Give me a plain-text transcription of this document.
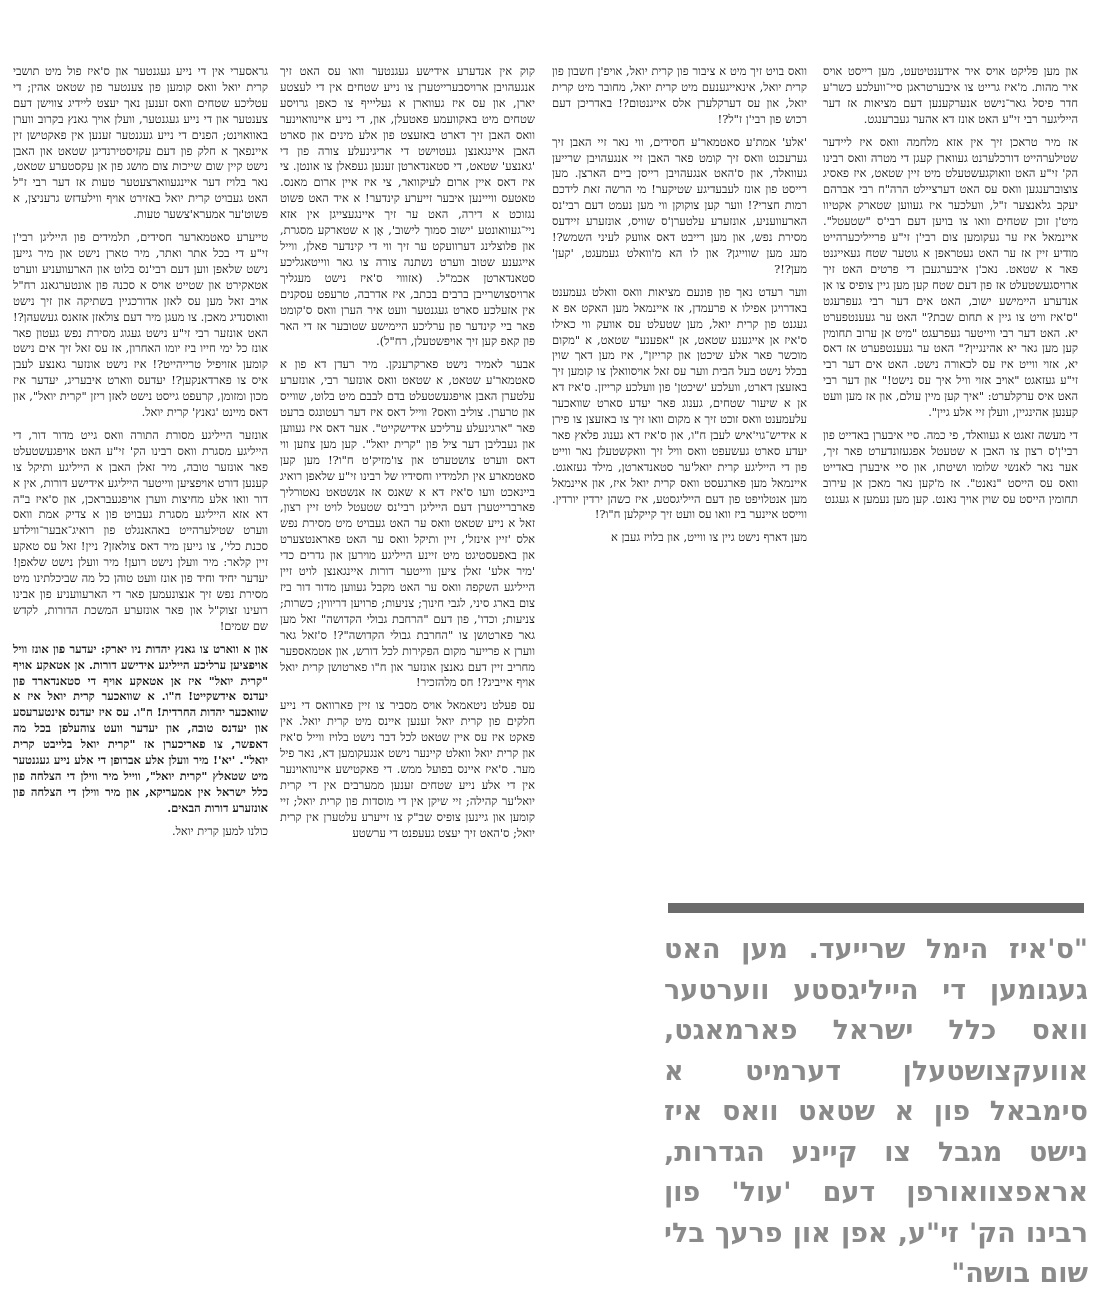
און מען פליקט אויס איר אידענטיטעט, מען רייסט אויס איר מהות. מ'איז גרייט צו איבערטראגן סיי־וועלכע כשר'ע חדר פיסל גאר־נישט אנערקענען דעם מציאות אז דער הייליגער רבי זי"ע האט אונז דא אהער געברענגט.

אז מיר טראכן זיך אין אזא מלחמה וואס איז ליידער שטילערהייט דורכלערנט געווארן קעגן די מטרה וואס רבינו הק' זי"ע האט וואוקגעשטעלט מיט זיין שטאט, איז פאסיג צוצוברענגען וואס עס האט דערציילט הרה"ח רבי אברהם יעקב גלאנצער ז"ל, וועלכער איז געווען שטארק אקטיוו מיט'ן זוכן שטחים וואו צו בויען דעם רבי'ס "שטעטל". איינמאל איז ער געקומען צום רבי'ן זי"ע פרייליכערהייט מודיע זיין אז ער האט געטראפן א גוטער שטח געאייגנט פאר א שטאט. נאכ'ן איבערגעבן די פרטים האט זיך ארויסגעשטעלט אז פון דעם שטח קען מען גיין צופיס צו אן אנדערע היימישע ישוב, האט אים דער רבי געפרעגט "ס'איז וויט צו גיין א תחום שבת?" האט ער געענטפערט יא. האט דער רבי ווייטער געפרעגט "מיט אן ערוב תחומין קען מען גאר יא אהינגיין?" האט ער געענטפערט אז דאס יא, אזוי ווייט איז עס לכאורה נישט. האט אים דער רבי זי"ע געזאגט "אויב אזוי וויל איך עס נישט!" און דער רבי האט איס ערקלערט: "איך קען מיין עולם, און אז מען וועט קענען אהינגיין, וועלן זיי אלע גיין".

די מעשה זאגט א געוואלד, פי כמה. סיי איבערן באדייט פון רבי'ן'ס רצון צו האבן א שטעטל אפגעזונדערט פאר זיך, אער נאר לאנשי שלומו ושיטתו, און סיי איבערן באדייט וואס עס הייסט "נאנט". אז מ'קען נאר מאכן אן עירוב תחומין הייסט עס שוין אויך נאנט. קען מען נעמען א געגנט

וואס בויט זיך מיט א ציבור פון קרית יואל, אויפ'ן חשבון פון קרית יואל, אינאייגענעם מיט קרית יואל, מחובר מיט קרית יואל, און עס דערקלערן אלס אייגנטום?! באדריכן דעם רכוש פון רבי'ן ז"ל?!

'אלע' אמת'ע סאטמאר'ע חסידים, ווי נאר זיי האבן זיך גערעכנט וואס זיך קומט פאר האבן זיי אנגעהויבן שרייען געוואלד, און ס'האט אנגעהויבן רייסן ביים הארצן. מען רייסט פון אונז לעבעדיגע שטיקער! מי הרשה זאת לידכם רמות חצרי?! ווער קען צוקוקן ווי מען נעמט דעם רבי'נס הארעוועניע, אונזערע עלטערן'ס שוויס, אונזערע זיידעס מסירת נפש, און מען רייבט דאס אוועק לעיני השמש?! מעג מען שווייגן? און לו הא מ'וואלט געמעגט, 'קען' מען?!?

ווער רעדט נאך פון פונעם מציאות וואס וואלט געמענט באדרויגן אפילו א פרעמדן, אז איינמאל מען האקט אפ א געגנט פון קרית יואל, מען שטעלט עס אוועק ווי כאילו ס'איז אן אייגענע שטאט, אן "אפענע" שטאט, א "מקום מוכשר פאר אלע שיכטן און קרייזן", איז מען דאך שוין בכלל נישט בעל הבית ווער עס זאל אויסוואלן צו קומען זיך באזעצן דארט, וועלכע 'שיכטן' פון וועלכע קרייזן. ס'איז דא אן א שיעור שטחים, גענוג פאר יעדע סארט שוואכער עלעמענט וואס זוכט זיך א מקום וואו זיך צו באזעצן צו פירן א אידיש־גוי'איש לעבן ח"ו, און ס'איז דא גענוג פלאץ פאר יעדע סארט געשעפט וואס וויל זיך וואקשטעלן נאר ווייט פון די הייליגע קרית יואל'ער סטאנדארטן, מילד געזאגט. איינמאל מען פארגעסט וואס קרית יואל איז, און איינמאל מען אנטלויפט פון דעם הייליגסטע, איז כשהן ירדין יורדין. ווייסט איינער ביז וואו עס וועט זיך קייקלען ח"ו?!

מען דארף נישט גיין צו ווייט, און בלויז געבן א

קוק אין אנדערע אידישע געגנטער וואו עס האט זיך אנגעהויבן ארויסבערייטערן צו נייע שטחים אין די לעצטע יארן, און עס איז געווארן א געליייף צו כאפן גרויסע שטחים מיט באקוועמע פאטעלן, און, די נייע איינוואוינער וואס האבן זיך דארט באזעצט פון אלע מינים און סארט האבן איינגאנצן געטוישט די אריגינעלע צורה פון די 'גאנצע' שטאט, די סטאנדארטן זענען געפאלן צו אונטן. צי איז דאס איין ארום לעיקוואר, צי איז איין ארום מאנס. טאטעס ווייינען איבער זייערע קינדער! א איד האט פשוט נגזוכט א דירה, האט ער זיך איינגעצייגן אין אזא ניי־געוואונטע 'ישוב סמוך לישוב', אָן א שטארקע מסגרת, און פלוצלינג דערוועקט ער זיך ווי די קינדער פאלן, ווייל אייגענע שטוב ווערט נשתנה צורה צו גאר ווייטאגליכע סטאנדארטן אכמ"ל. (אזוווי ס'איז נישט מעגליך ארויסצושרייבן ברבים בכתב, איז אדרבה, טרעפט עסקנים אין אזעלכע סארט געגנטער וועט איר הערן וואס ס'קומט פאר ביי קינדער פון ערליכע היימישע שטובער אז די האר פון קאפ קען זיך אויפשטעלן, רח"ל).

אבער לאמיר נישט פארקרענקן. מיר רעדן דא פון א סאטמאר'ע שטאט, א שטאט וואס אונזער רבי, אונזערע עלטערן האבן אויפגעשטעלט בדם לבבם מיט בלוט, שווייס און טרערן. צוליב וואס? ווייל דאס איז דער רעטונגס ברעט פאר "ארגינעלע ערליכע אידישקייט". אער דאס איז געווען און געבליבן דער ציל פון "קרית יואל". קען מען צוזען ווי דאס ווערט צושטערט און צו'מזיק'ט ח"ו?! מען קען סאטמארע אין תלמידיו וחסידיו של רבינו זי"ע שלאפן רואיג ביינאכט וועו ס'איז דא א שאנס אז אנשטאט נאטורליך פארברייטערן דעם הייליגן רבי'נס שטעטל לויט זיין רצון, זאל א נייע שטאט וואס ער האט געבויט מיט מסירת נפש אלס 'זיין אינזל', זיין ותיקל וואס ער האט פאראנטצערט און באפעסטיגט מיט זיינע הייליגע מוירען און גדרים כדי 'מיר אלע' זאלן ציען ווייטער דורות איינגאנצן לויט זיין הייליגע השקפה וואס ער האט מקבל געווען מדור דור ביז צום בארג סיני, לגבי חינוך; צניעות; פרויען דריווין; כשרות; צניעות; וכדו', פון דעם "הרחבת גבולי הקדושה" זאל מען גאר פארטושן צו "החרבת גבולי הקדושה"?! ס'זאל גאר ווערן א פרייער מקום הפקירות לכל דורש, און אטמאספער מחריב זיין דעם גאנצן אונזער און ח"ו פארטושן קרית יואל אויף אייביג?! חס מלהזכיר!

עס פעלט ניטאמאל אויס מסביר צו זיין פארוואס די נייע חלקים פון קרית יואל זענען איינס מיט קרית יואל. אין פאקט איז עס איין שטאט לכל דבר נישט בלויז ווייל ס'איז און קרית יואל וואלט קיינער נישט אנגעקומען דא, נאר פיל מער. ס'איז איינס בפועל ממש. די פאקטישע איינוואוינער אין די אלע נייע שטחים זענען ממערבים אין די קרית יואל'ער קהילה; זיי שיקן אין די מוסדות פון קרית יואל; זיי קומען און גיינען צופיס שב"ק צו זייערע עלטערן אין קרית יואל; ס'האט זיך יעצט געעפנט די ערשטע

גראסערי אין די נייע געגנטער און ס'איז פול מיט תושבי קרית יואל וואס קומען פון צענטער פון שטאט אהין; די עטליכע שטחים וואס זענען נאך יעצט ליידיג צווישן דעם צענטער און די נייע געגנטער, וועלן אויך גאנץ בקרוב ווערן באוואוינט; הפנים די נייע געגנטער זענען אין פאקטישן זין איינפאך א חלק פון דעם עקזיסטירנדיגן שטאט און האבן נישט קיין שום שייכות צום מושג פון אן עקסטערע שטאט, נאר בלויז דער איינגעווארצעטער טעות אז דער רבי ז"ל האט געבויט קרית יואל באזירט אויף ווילעדזש גרעניצן, א פשוט'ער אמערא'צשער טעות.

טייערע סאטמארער חסידים, תלמידים פון הייליגן רבי'ן זי"ע די בכל אתר ואתר, מיר טארן נישט און מיר גייען נישט שלאפן ווען דעם רבי'נס בלוט און הארעוועניע ווערט אטאקירט און שטייט אויס א סכנה פון אונטערגאנג רח"ל אויב זאל מען עס לאזן אדורכגיין בשתיקה און זיך נישט וואוסנדיג מאכן. צו מעגן מיר דעם צולאזן אזאנס געשעהן?! האט אונזער רבי זי"ע נישט געגוג מסירת נפש געטון פאר אונז כל ימי חייו ביז יומו האחרון, אז עס זאל זיך אים נישט קומען אזויפיל טרייהייט?! איז נישט אונזער גאנצע לעבן איס צו פארדאנקען?! יעדעס ווארט איבעריג, יעדער איז מכון ומזומן, קרעפט גייסט נישט לאזן ריזן "קרית יואל", און דאס מיינט 'גאנץ' קרית יואל.

אונזער הייליגע מסורת התורה וואס גייט מדור דור, די הייליגע מסגרת וואס רבינו הק' זי"ע האט אויפגעשטעלט פאר אונזער טובה, מיר זאלן האבן א הייליגע ותיקל צו קענען דורט אויפציען ווייטער הייליגע אידישע דורות, אין א דור וואו אלע מחיצות ווערן אויפגעבראכן, און ס'איז ב"ה דא אזא הייליגע מסגרת געבויט פון א צדיק אמת וואס ווערט שטילערהייט באהאנגלט פון רואיג־אבער־ווילדע סכנת כלי', צו גייען מיר דאס צולאזן? ניין! זאל עס טאקע זיין קלאר: מיר וועלן נישט רוען! מיר וועלן נישט שלאפן! יעדער יחיד וחיד פון אונז וועט טוהן כל מה שביכלתינו מיט מסירת נפש זיך אנצונעמען פאר די הארעוועניע פון אבינו רועינו זצוק"ל און פאר אונזערע המשכת הדורות, לקדש שם שמים!

און א ווארט צו גאנץ יהדות ניו יארק: יעדער פון אונז וויל אויפציען ערליכע הייליגע אידישע דורות. אן אטאקע אויף "קרית יואל" איז אן אטאקע אויף די סטאנדארד פון יעדנס אידשקייט! ח"ו. א שוואכער קרית יואל איז א שוואכער יהדות החרדית! ח"ו. עס איז יעדנס אינטערעסע און יעדנס טובה, און יעדער וועט צוהעלפן בכל מה דאפשר, צו פאריכערן אז "קרית יואל בלייבט קרית יואל". 'יא'! מיר וועלן אלע אברופן די אלע נייע געגנטער מיט שטאלץ "קרית יואל", ווייל מיר ווילן די הצלחה פון כלל ישראל אין אמעריקא, און מיר ווילן די הצלחה פון אונזערע דורות הבאים.

כולנו למען קרית יואל.

"ס'איז הימל שרייעד. מען האט געגומען די הייליגסטע ווערטער וואס כלל ישראל פארמאגט, אוועקצושטעלן דערמיט א סימבאל פון א שטאט וואס איז נישט מגבל צו קיינע הגדרות, אראפצוואורפן דעם 'עול' פון רבינו הק' זי"ע, אפן און פרעך בלי שום בושה"
